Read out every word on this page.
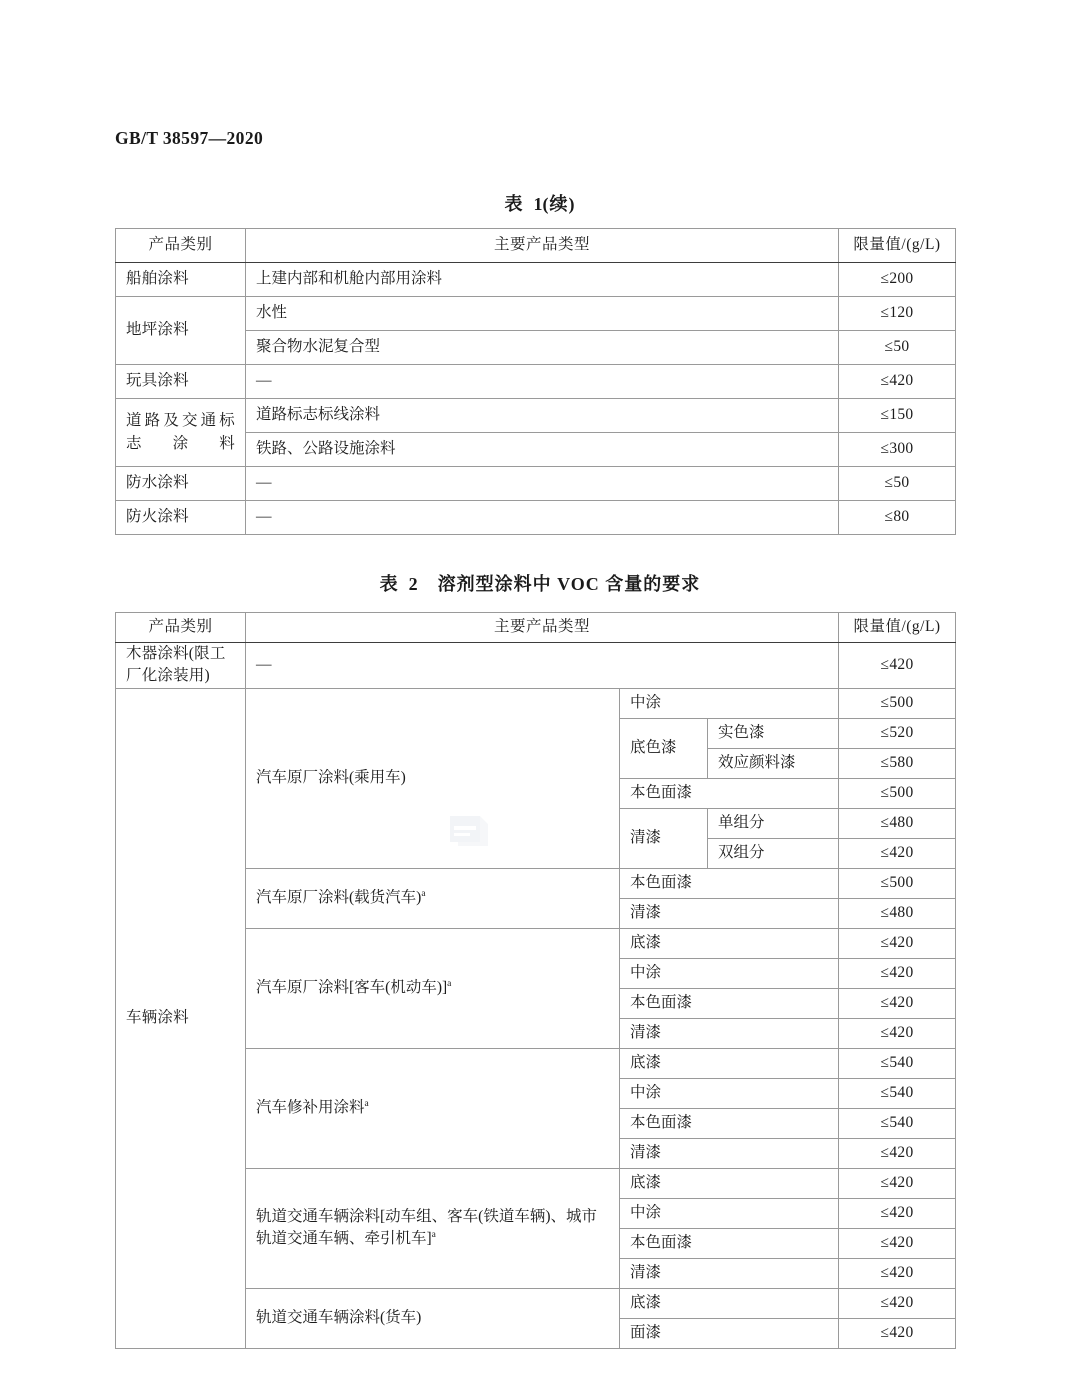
GB/T 38597—2020
表 1(续)
产品类别	主要产品类型	限量值/(g/L)
船舶涂料	上建内部和机舱内部用涂料	≤200
地坪涂料	水性	≤120
	聚合物水泥复合型	≤50
玩具涂料	—	≤420
道路及交通标志涂料	道路标志标线涂料	≤150
	铁路、公路设施涂料	≤300
防水涂料	—	≤50
防火涂料	—	≤80
表 2 溶剂型涂料中 VOC 含量的要求
产品类别	主要产品类型			限量值/(g/L)
木器涂料(限工厂化涂装用)	—			≤420
车辆涂料	汽车原厂涂料(乘用车)	中涂		≤500
		底色漆	实色漆	≤520
			效应颜料漆	≤580
		本色面漆		≤500
		清漆	单组分	≤480
			双组分	≤420
	汽车原厂涂料(载货汽车)$^a$	本色面漆		≤500
		清漆		≤480
	汽车原厂涂料[客车(机动车)]$^a$	底漆		≤420
		中涂		≤420
		本色面漆		≤420
		清漆		≤420
	汽车修补用涂料$^a$	底漆		≤540
		中涂		≤540
		本色面漆		≤540
		清漆		≤420
	轨道交通车辆涂料[动车组、客车(铁道车辆)、城市轨道交通车辆、牵引机车]$^a$	底漆		≤420
		中涂		≤420
		本色面漆		≤420
		清漆		≤420
	轨道交通车辆涂料(货车)	底漆		≤420
		面漆		≤420
